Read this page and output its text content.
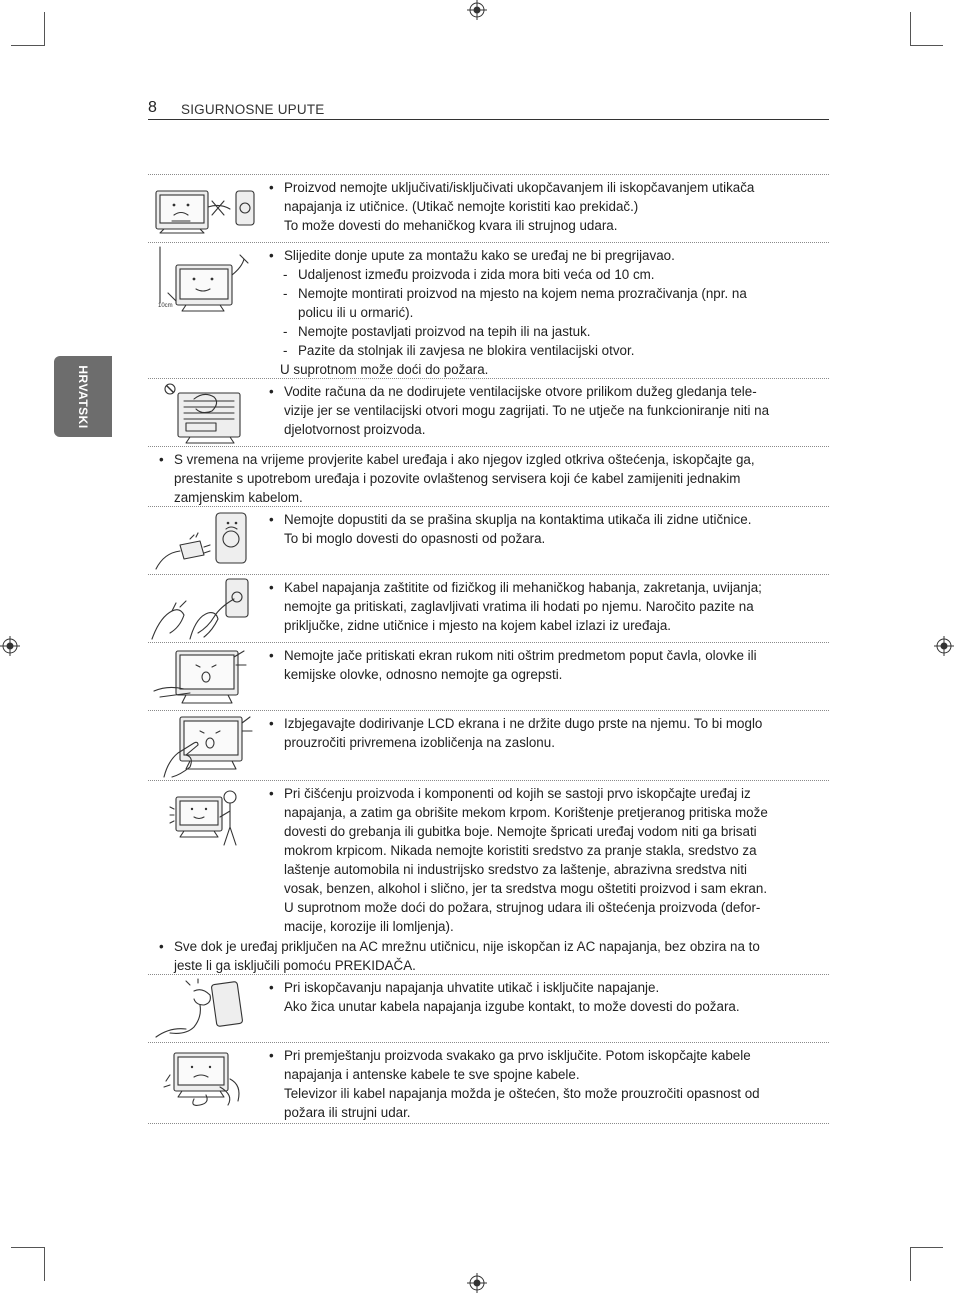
8 SIGURNOSNE UPUTE
HRVATSKI
• Proizvod nemojte uključivati/isključivati ukopčavanjem ili iskopčavanjem utikača
napajanja iz utičnice. (Utikač nemojte koristiti kao prekidač.)
To može dovesti do mehaničkog kvara ili strujnog udara.
10cm
• Slijedite donje upute za montažu kako se uređaj ne bi pregrijavao.
- Udaljenost između proizvoda i zida mora biti veća od 10 cm.
- Nemojte montirati proizvod na mjesto na kojem nema prozračivanja (npr. na
policu ili u ormarić).
- Nemojte postavljati proizvod na tepih ili na jastuk.
- Pazite da stolnjak ili zavjesa ne blokira ventilacijski otvor.
U suprotnom može doći do požara.
• Vodite računa da ne dodirujete ventilacijske otvore prilikom dužeg gledanja tele-
vizije jer se ventilacijski otvori mogu zagrijati. To ne utječe na funkcioniranje niti na
djelotvornost proizvoda.
• S vremena na vrijeme provjerite kabel uređaja i ako njegov izgled otkriva oštećenja, iskopčajte ga,
prestanite s upotrebom uređaja i pozovite ovlaštenog servisera koji će kabel zamijeniti jednakim
zamjenskim kabelom.
• Nemojte dopustiti da se prašina skuplja na kontaktima utikača ili zidne utičnice.
To bi moglo dovesti do opasnosti od požara.
• Kabel napajanja zaštitite od fizičkog ili mehaničkog habanja, zakretanja, uvijanja;
nemojte ga pritiskati, zaglavljivati vratima ili hodati po njemu. Naročito pazite na
priključke, zidne utičnice i mjesto na kojem kabel izlazi iz uređaja.
• Nemojte jače pritiskati ekran rukom niti oštrim predmetom poput čavla, olovke ili
kemijske olovke, odnosno nemojte ga ogrepsti.
• Izbjegavajte dodirivanje LCD ekrana i ne držite dugo prste na njemu. To bi moglo
prouzročiti privremena izobličenja na zaslonu.
• Pri čišćenju proizvoda i komponenti od kojih se sastoji prvo iskopčajte uređaj iz
napajanja, a zatim ga obrišite mekom krpom. Korištenje pretjeranog pritiska može
dovesti do grebanja ili gubitka boje. Nemojte špricati uređaj vodom niti ga brisati
mokrom krpicom. Nikada nemojte koristiti sredstvo za pranje stakla, sredstvo za
laštenje automobila ni industrijsko sredstvo za laštenje, abrazivna sredstva niti
vosak, benzen, alkohol i slično, jer ta sredstva mogu oštetiti proizvod i sam ekran.
U suprotnom može doći do požara, strujnog udara ili oštećenja proizvoda (defor-
macije, korozije ili lomljenja).
• Sve dok je uređaj priključen na AC mrežnu utičnicu, nije iskopčan iz AC napajanja, bez obzira na to
jeste li ga isključili pomoću PREKIDAČA.
• Pri iskopčavanju napajanja uhvatite utikač i isključite napajanje.
Ako žica unutar kabela napajanja izgube kontakt, to može dovesti do požara.
• Pri premještanju proizvoda svakako ga prvo isključite. Potom iskopčajte kabele
napajanja i antenske kabele te sve spojne kabele.
Televizor ili kabel napajanja možda je oštećen, što može prouzročiti opasnost od
požara ili strujni udar.
